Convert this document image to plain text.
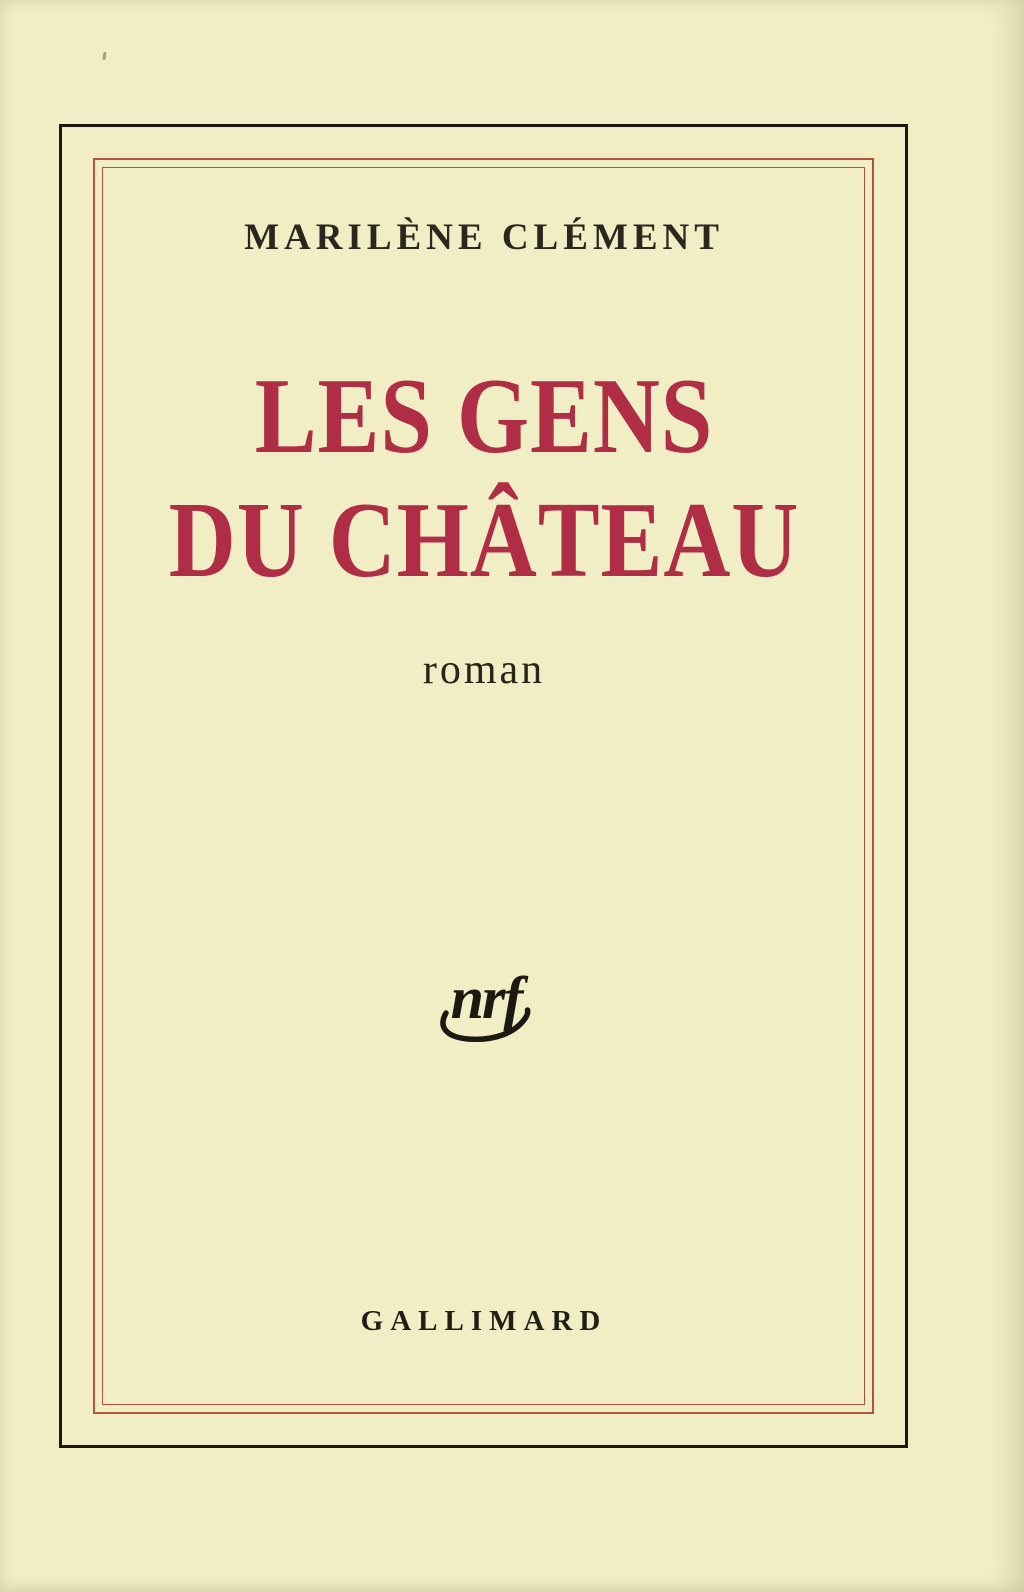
MARILÈNE CLÉMENT
LES GENS
DU CHÂTEAU
roman
nrf
GALLIMARD
